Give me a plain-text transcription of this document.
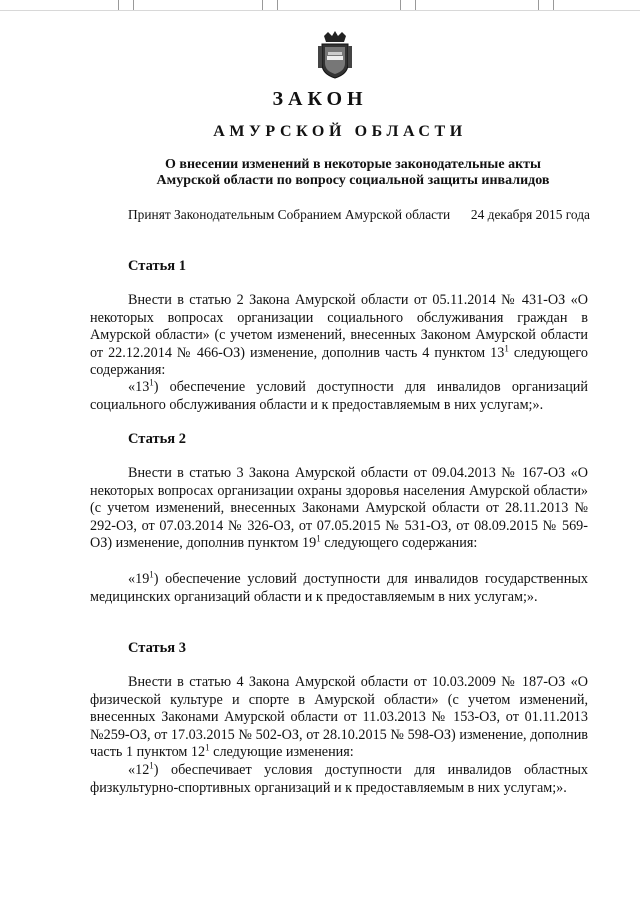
ЗАКОН
АМУРСКОЙ ОБЛАСТИ
О внесении изменений в некоторые законодательные акты
Амурской области по вопросу социальной защиты инвалидов
Принят Законодательным Собранием Амурской области 24 декабря 2015 года
Статья 1
Внести в статью 2 Закона Амурской области от 05.11.2014 № 431-ОЗ «О некоторых вопросах организации социального обслуживания граждан в Амурской области» (с учетом изменений, внесенных Законом Амурской области от 22.12.2014 № 466-ОЗ) изменение, дополнив часть 4 пунктом $13^1$ следующего содержания:
«$13^1$) обеспечение условий доступности для инвалидов организаций социального обслуживания области и к предоставляемым в них услугам;».
Статья 2
Внести в статью 3 Закона Амурской области от 09.04.2013 № 167-ОЗ «О некоторых вопросах организации охраны здоровья населения Амурской области» (с учетом изменений, внесенных Законами Амурской области от 28.11.2013 № 292-ОЗ, от 07.03.2014 № 326-ОЗ, от 07.05.2015 № 531-ОЗ, от 08.09.2015 № 569-ОЗ) изменение, дополнив пунктом $19^1$ следующего содержания:
«$19^1$) обеспечение условий доступности для инвалидов государственных медицинских организаций области и к предоставляемым в них услугам;».
Статья 3
Внести в статью 4 Закона Амурской области от 10.03.2009 № 187-ОЗ «О физической культуре и спорте в Амурской области» (с учетом изменений, внесенных Законами Амурской области от 11.03.2013 № 153-ОЗ, от 01.11.2013 №259-ОЗ, от 17.03.2015 № 502-ОЗ, от 28.10.2015 № 598-ОЗ) изменение, дополнив часть 1 пунктом $12^1$ следующие изменения:
«$12^1$) обеспечивает условия доступности для инвалидов областных физкультурно-спортивных организаций и к предоставляемым в них услугам;».
